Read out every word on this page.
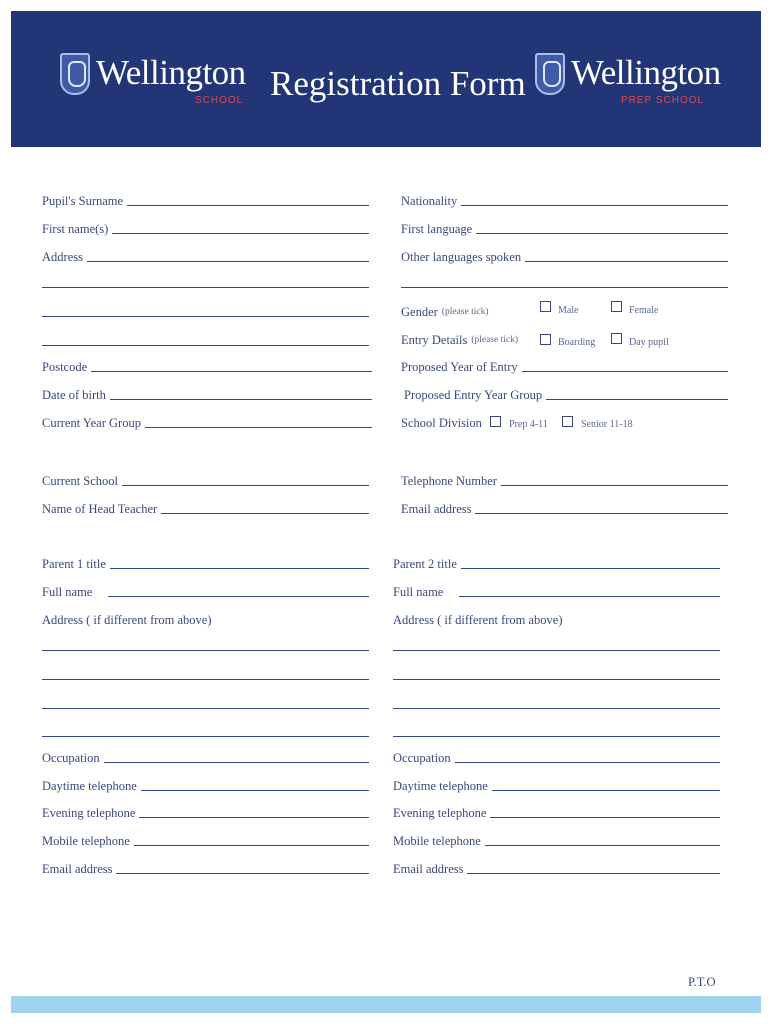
Wellington
SCHOOL Registration Form Wellington
PREP SCHOOL
Pupil's Surname
First name(s)
Address
Postcode
Date of birth
Current Year Group
Current School
Name of Head Teacher
Nationality
First language
Other languages spoken
Gender (please tick)	Male	Female
Entry Details (please tick)	Boarding	Day pupil
Proposed Year of Entry
Proposed Entry Year Group
School Division	Prep 4-11	Senior 11-18
Telephone Number
Email address
Parent 1 title
Full name
Address ( if different from above)
Occupation
Daytime telephone
Evening telephone
Mobile telephone
Email address
Parent 2 title
Full name
Address ( if different from above)
Occupation
Daytime telephone
Evening telephone
Mobile telephone
Email address
P.T.O
